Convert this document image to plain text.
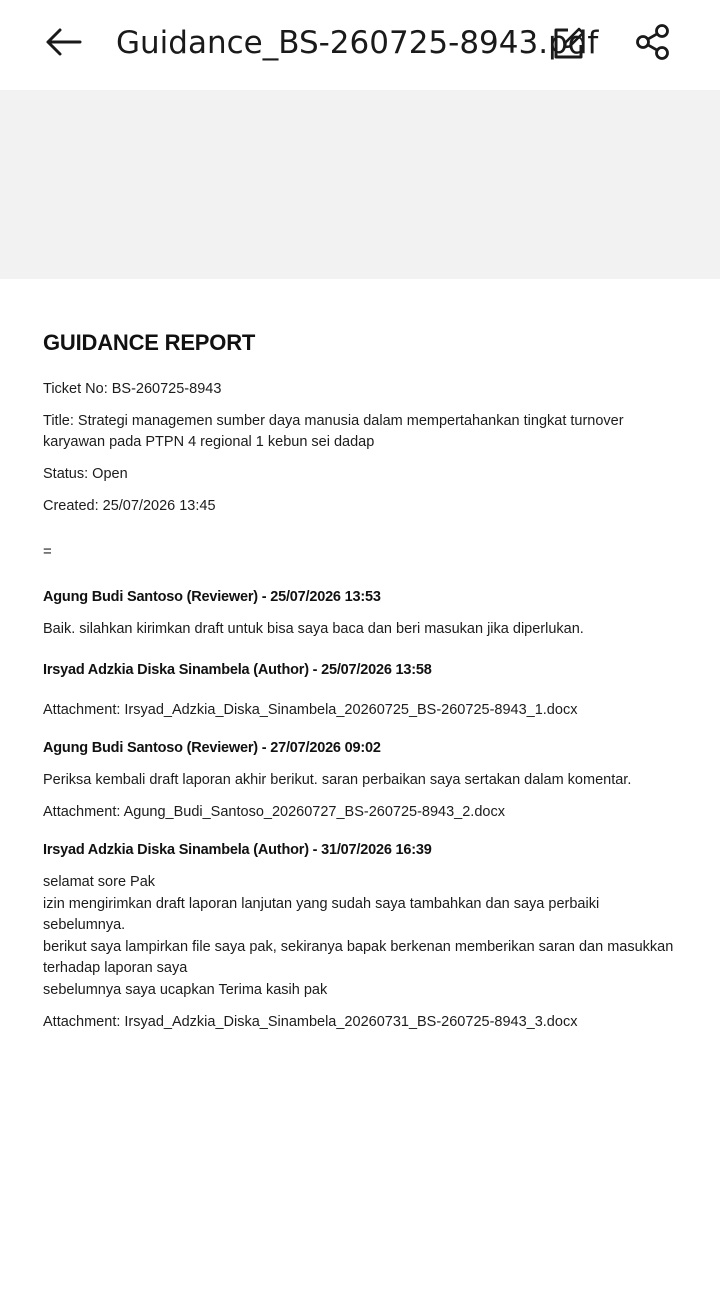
Guidance_BS-260725-8943.pdf
GUIDANCE REPORT
Ticket No: BS-260725-8943
Title: Strategi managemen sumber daya manusia dalam mempertahankan tingkat turnover karyawan pada PTPN 4 regional 1 kebun sei dadap
Status: Open
Created: 25/07/2026 13:45
=
Agung Budi Santoso (Reviewer) - 25/07/2026 13:53
Baik. silahkan kirimkan draft untuk bisa saya baca dan beri masukan jika diperlukan.
Irsyad Adzkia Diska Sinambela (Author) - 25/07/2026 13:58
Attachment: Irsyad_Adzkia_Diska_Sinambela_20260725_BS-260725-8943_1.docx
Agung Budi Santoso (Reviewer) - 27/07/2026 09:02
Periksa kembali draft laporan akhir berikut. saran perbaikan saya sertakan dalam komentar.
Attachment: Agung_Budi_Santoso_20260727_BS-260725-8943_2.docx
Irsyad Adzkia Diska Sinambela (Author) - 31/07/2026 16:39
selamat sore Pak
izin mengirimkan draft laporan lanjutan yang sudah saya tambahkan dan saya perbaiki sebelumnya.
berikut saya lampirkan file saya pak, sekiranya bapak berkenan memberikan saran dan masukkan terhadap laporan saya
sebelumnya saya ucapkan Terima kasih pak
Attachment: Irsyad_Adzkia_Diska_Sinambela_20260731_BS-260725-8943_3.docx
